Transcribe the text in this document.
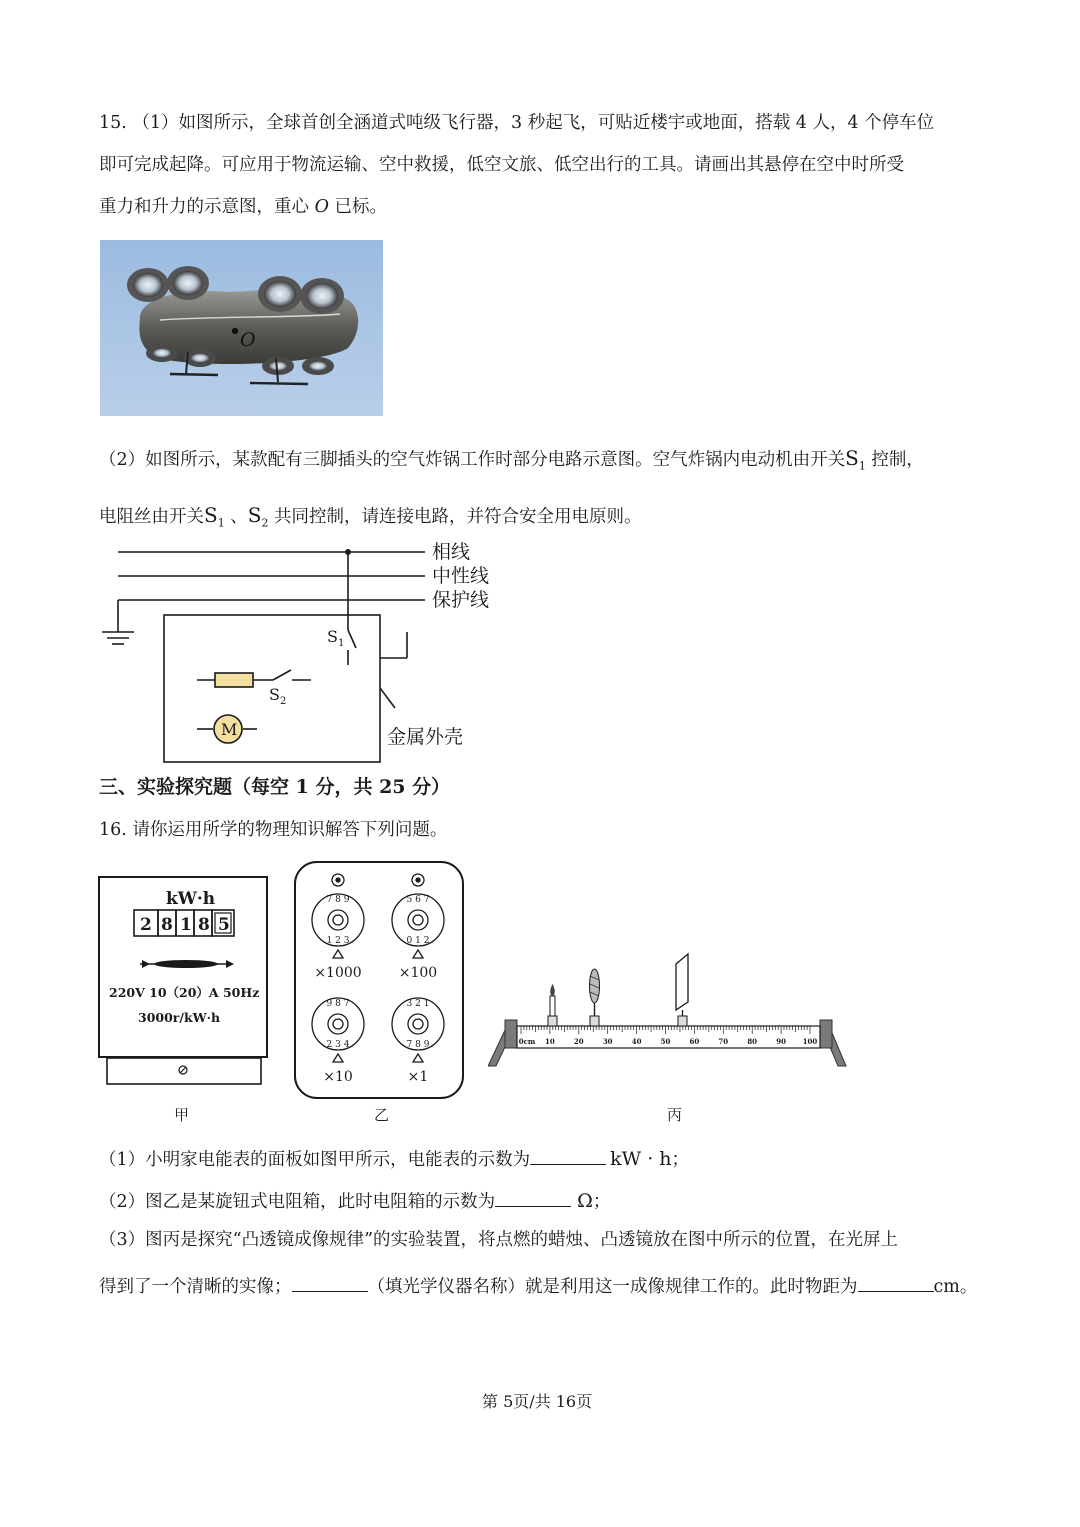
15. （1）如图所示，全球首创全涵道式吨级飞行器，3 秒起飞，可贴近楼宇或地面，搭载 4 人，4 个停车位
即可完成起降。可应用于物流运输、空中救援，低空文旅、低空出行的工具。请画出其悬停在空中时所受
重力和升力的示意图，重心 O 已标。
O
（2）如图所示，某款配有三脚插头的空气炸锅工作时部分电路示意图。空气炸锅内电动机由开关$S_1$ 控制，
电阻丝由开关$S_1$ 、$S_2$ 共同控制，请连接电路，并符合安全用电原则。
相线
中性线
保护线
S 1
S 2
M	金属外壳
三、实验探究题（每空 1 分，共 25 分）
16. 请你运用所学的物理知识解答下列问题。
kW·h
2 8 1 8 5
220V 10（20）A 50Hz
3000r/kW·h
甲
7 8 9
1 2 3
5 6 7
0 1 2
9 8 7
2 3 4
3 2 1
7 8 9
×1000	×100
×10	×1
乙
0cm 10	20	30	40	50	60	70	80	90 100
丙
（1）小明家电能表的面板如图甲所示，电能表的示数为	kW · h；
（2）图乙是某旋钮式电阻箱，此时电阻箱的示数为	Ω；
（3）图丙是探究“凸透镜成像规律”的实验装置，将点燃的蜡烛、凸透镜放在图中所示的位置，在光屏上
得到了一个清晰的实像；	（填光学仪器名称）就是利用这一成像规律工作的。此时物距为	cm。
第 5页/共 16页
